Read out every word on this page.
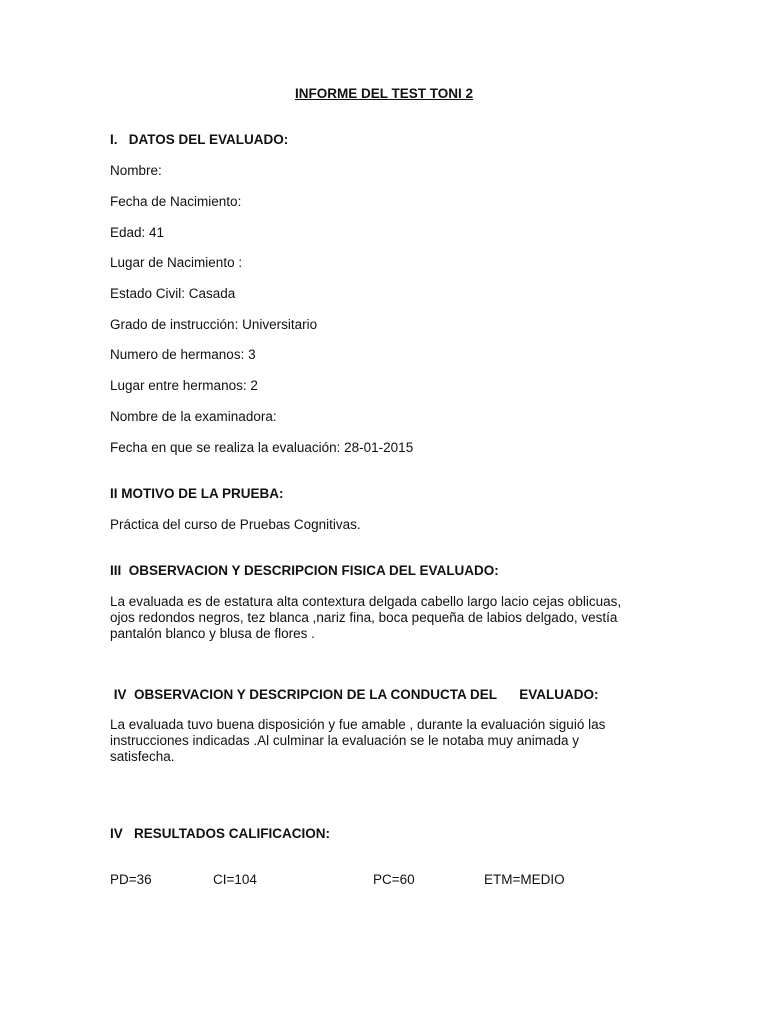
INFORME DEL TEST TONI 2
I.   DATOS DEL EVALUADO:
Nombre:
Fecha de Nacimiento:
Edad: 41
Lugar de Nacimiento :
Estado Civil: Casada
Grado de instrucción: Universitario
Numero de hermanos: 3
Lugar entre hermanos: 2
Nombre de la examinadora:
Fecha en que se realiza la evaluación: 28-01-2015
II MOTIVO DE LA PRUEBA:
Práctica del curso de Pruebas Cognitivas.
III  OBSERVACION Y DESCRIPCION FISICA DEL EVALUADO:
La evaluada es de estatura alta contextura delgada cabello largo lacio cejas oblicuas,
ojos redondos negros, tez blanca ,nariz fina, boca pequeña de labios delgado, vestía
pantalón blanco y blusa de flores .
IV  OBSERVACION Y DESCRIPCION DE LA CONDUCTA DEL      EVALUADO:
La evaluada tuvo buena disposición y fue amable , durante la evaluación siguió las
instrucciones indicadas .Al culminar la evaluación se le notaba muy animada y
satisfecha.
IV   RESULTADOS CALIFICACION:
PD=36	CI=104	PC=60	ETM=MEDIO
